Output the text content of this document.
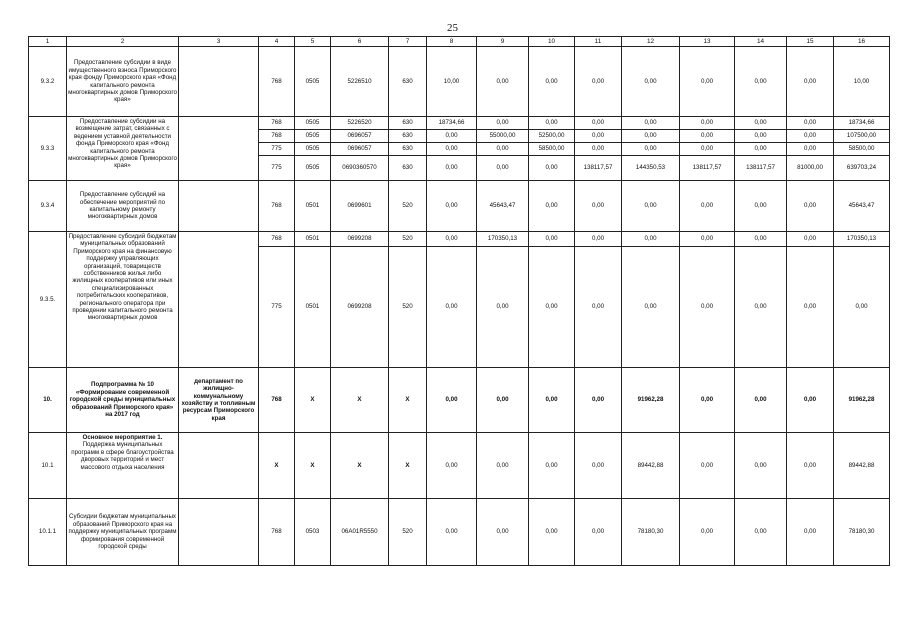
25
1	2	3	4	5	6	7	8	9	10	11	12	13	14	15	16
9.3.2	Предоставление субсидии в виде имущественного взноса Приморского края фонду Приморского края «Фонд капитального ремонта многоквартирных домов Приморского края»		768	0505	5226510	630	10,00	0,00	0,00	0,00	0,00	0,00	0,00	0,00	10,00
9.3.3	Предоставление субсидии на возмещение затрат, связанных с ведением уставной деятельности фонда Приморского края «Фонд капитального ремонта многоквартирных домов Приморского края»		768	0505	5226520	630	18734,66	0,00	0,00	0,00	0,00	0,00	0,00	0,00	18734,66
			768	0505	0696057	630	0,00	55000,00	52500,00	0,00	0,00	0,00	0,00	0,00	107500,00
			775	0505	0696057	630	0,00	0,00	58500,00	0,00	0,00	0,00	0,00	0,00	58500,00
			775	0505	0690360570	630	0,00	0,00	0,00	138117,57	144350,53	138117,57	138117,57	81000,00	639703,24
9.3.4	Предоставление субсидий на обеспечение мероприятий по капитальному ремонту многоквартирных домов		768	0501	0699601	520	0,00	45643,47	0,00	0,00	0,00	0,00	0,00	0,00	45643,47
9.3.5.	Предоставление субсидий бюджетам муниципальных образований Приморского края на финансовую поддержку управляющих организаций, товариществ собственников жилья либо жилищных кооперативов или иных специализированных потребительских кооперативов, регионального оператора при проведении капитального ремонта многоквартирных домов		768	0501	0699208	520	0,00	170350,13	0,00	0,00	0,00	0,00	0,00	0,00	170350,13
			775	0501	0699208	520	0,00	0,00	0,00	0,00	0,00	0,00	0,00	0,00	0,00
10.	Подпрограмма № 10 «Формирование современной городской среды муниципальных образований Приморского края» на 2017 год	департамент по жилищно-коммунальному хозяйству и топливным ресурсам Приморского края	768	X	X	X	0,00	0,00	0,00	0,00	91962,28	0,00	0,00	0,00	91962,28
10.1	Основное мероприятие 1.
Поддержка муниципальных программ в сфере благоустройства дворовых территорий и мест массового отдыха населения		X	X	X	X	0,00	0,00	0,00	0,00	89442,88	0,00	0,00	0,00	89442,88
10.1.1	Субсидии бюджетам муниципальных образований Приморского края на поддержку муниципальных программ формирования современной городской среды		768	0503	06А01R5550	520	0,00	0,00	0,00	0,00	78180,30	0,00	0,00	0,00	78180,30
